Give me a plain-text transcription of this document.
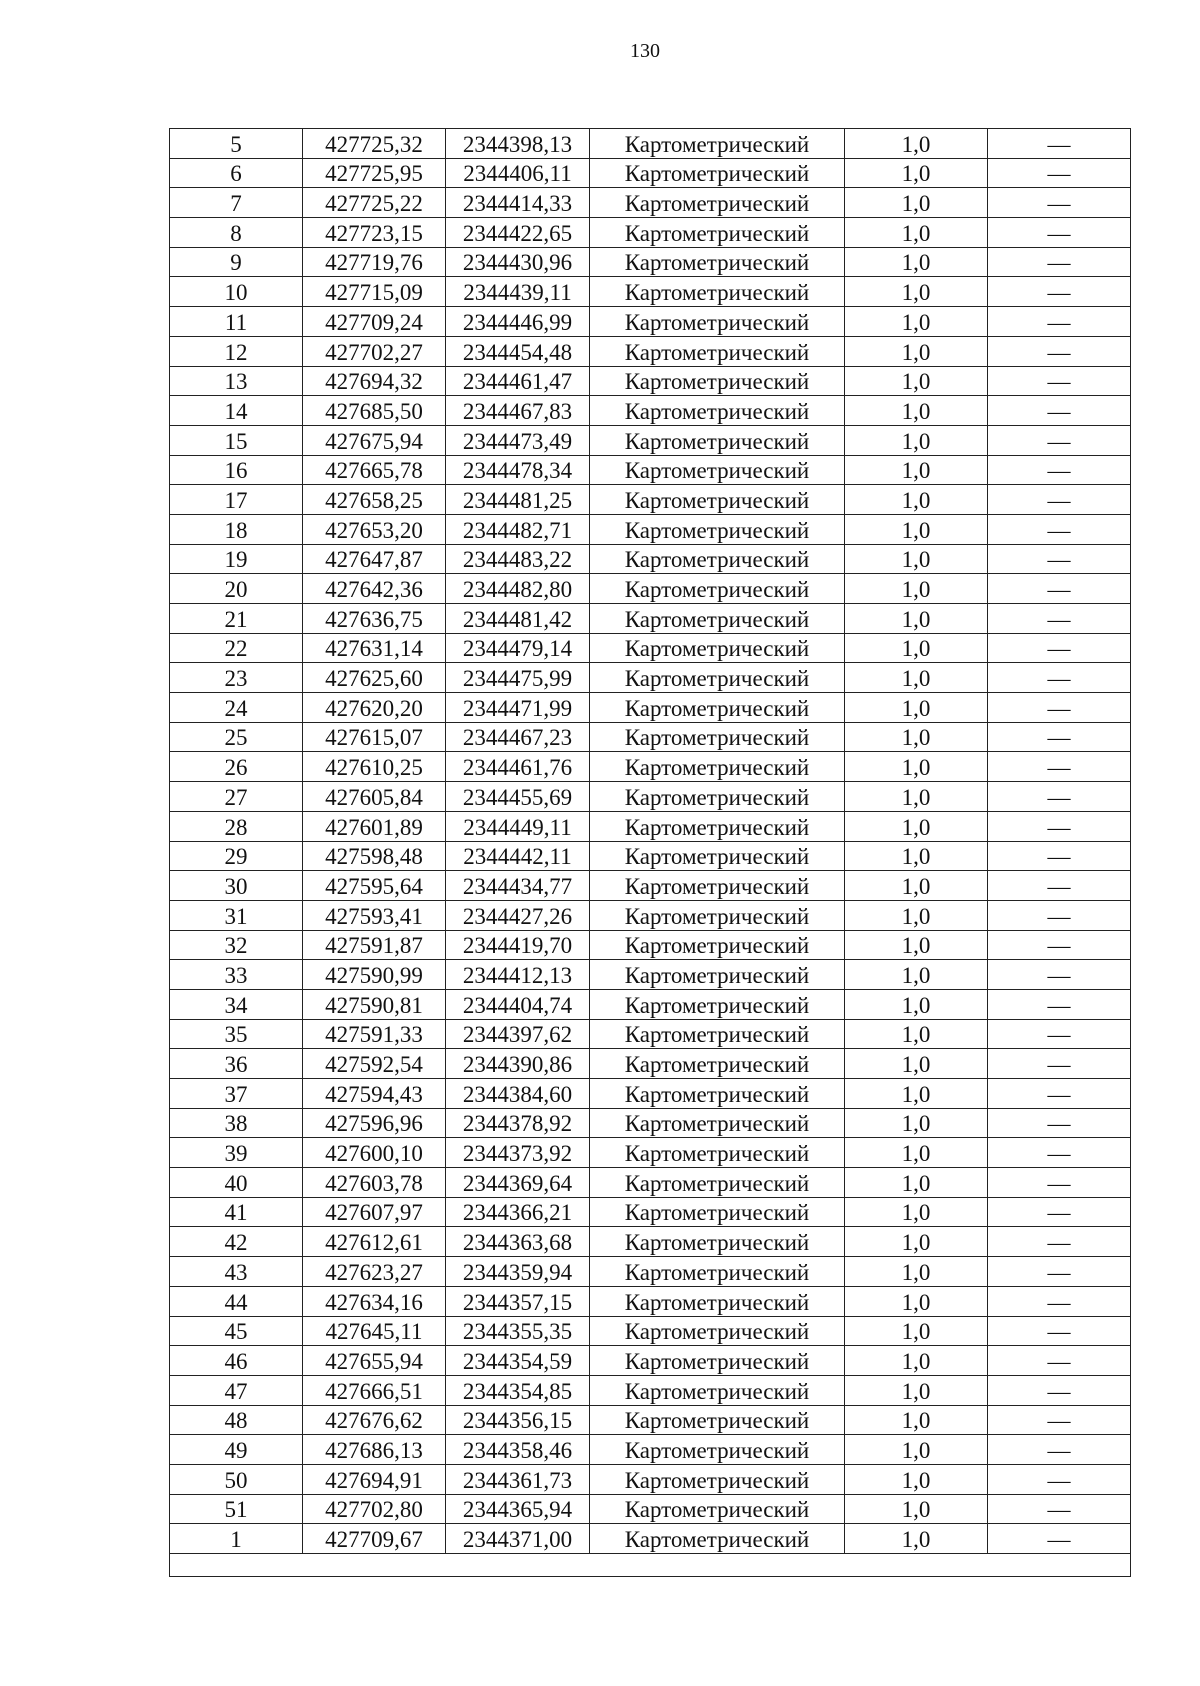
130
5	427725,32	2344398,13	Картометрический	1,0	—
6	427725,95	2344406,11	Картометрический	1,0	—
7	427725,22	2344414,33	Картометрический	1,0	—
8	427723,15	2344422,65	Картометрический	1,0	—
9	427719,76	2344430,96	Картометрический	1,0	—
10	427715,09	2344439,11	Картометрический	1,0	—
11	427709,24	2344446,99	Картометрический	1,0	—
12	427702,27	2344454,48	Картометрический	1,0	—
13	427694,32	2344461,47	Картометрический	1,0	—
14	427685,50	2344467,83	Картометрический	1,0	—
15	427675,94	2344473,49	Картометрический	1,0	—
16	427665,78	2344478,34	Картометрический	1,0	—
17	427658,25	2344481,25	Картометрический	1,0	—
18	427653,20	2344482,71	Картометрический	1,0	—
19	427647,87	2344483,22	Картометрический	1,0	—
20	427642,36	2344482,80	Картометрический	1,0	—
21	427636,75	2344481,42	Картометрический	1,0	—
22	427631,14	2344479,14	Картометрический	1,0	—
23	427625,60	2344475,99	Картометрический	1,0	—
24	427620,20	2344471,99	Картометрический	1,0	—
25	427615,07	2344467,23	Картометрический	1,0	—
26	427610,25	2344461,76	Картометрический	1,0	—
27	427605,84	2344455,69	Картометрический	1,0	—
28	427601,89	2344449,11	Картометрический	1,0	—
29	427598,48	2344442,11	Картометрический	1,0	—
30	427595,64	2344434,77	Картометрический	1,0	—
31	427593,41	2344427,26	Картометрический	1,0	—
32	427591,87	2344419,70	Картометрический	1,0	—
33	427590,99	2344412,13	Картометрический	1,0	—
34	427590,81	2344404,74	Картометрический	1,0	—
35	427591,33	2344397,62	Картометрический	1,0	—
36	427592,54	2344390,86	Картометрический	1,0	—
37	427594,43	2344384,60	Картометрический	1,0	—
38	427596,96	2344378,92	Картометрический	1,0	—
39	427600,10	2344373,92	Картометрический	1,0	—
40	427603,78	2344369,64	Картометрический	1,0	—
41	427607,97	2344366,21	Картометрический	1,0	—
42	427612,61	2344363,68	Картометрический	1,0	—
43	427623,27	2344359,94	Картометрический	1,0	—
44	427634,16	2344357,15	Картометрический	1,0	—
45	427645,11	2344355,35	Картометрический	1,0	—
46	427655,94	2344354,59	Картометрический	1,0	—
47	427666,51	2344354,85	Картометрический	1,0	—
48	427676,62	2344356,15	Картометрический	1,0	—
49	427686,13	2344358,46	Картометрический	1,0	—
50	427694,91	2344361,73	Картометрический	1,0	—
51	427702,80	2344365,94	Картометрический	1,0	—
1	427709,67	2344371,00	Картометрический	1,0	—
